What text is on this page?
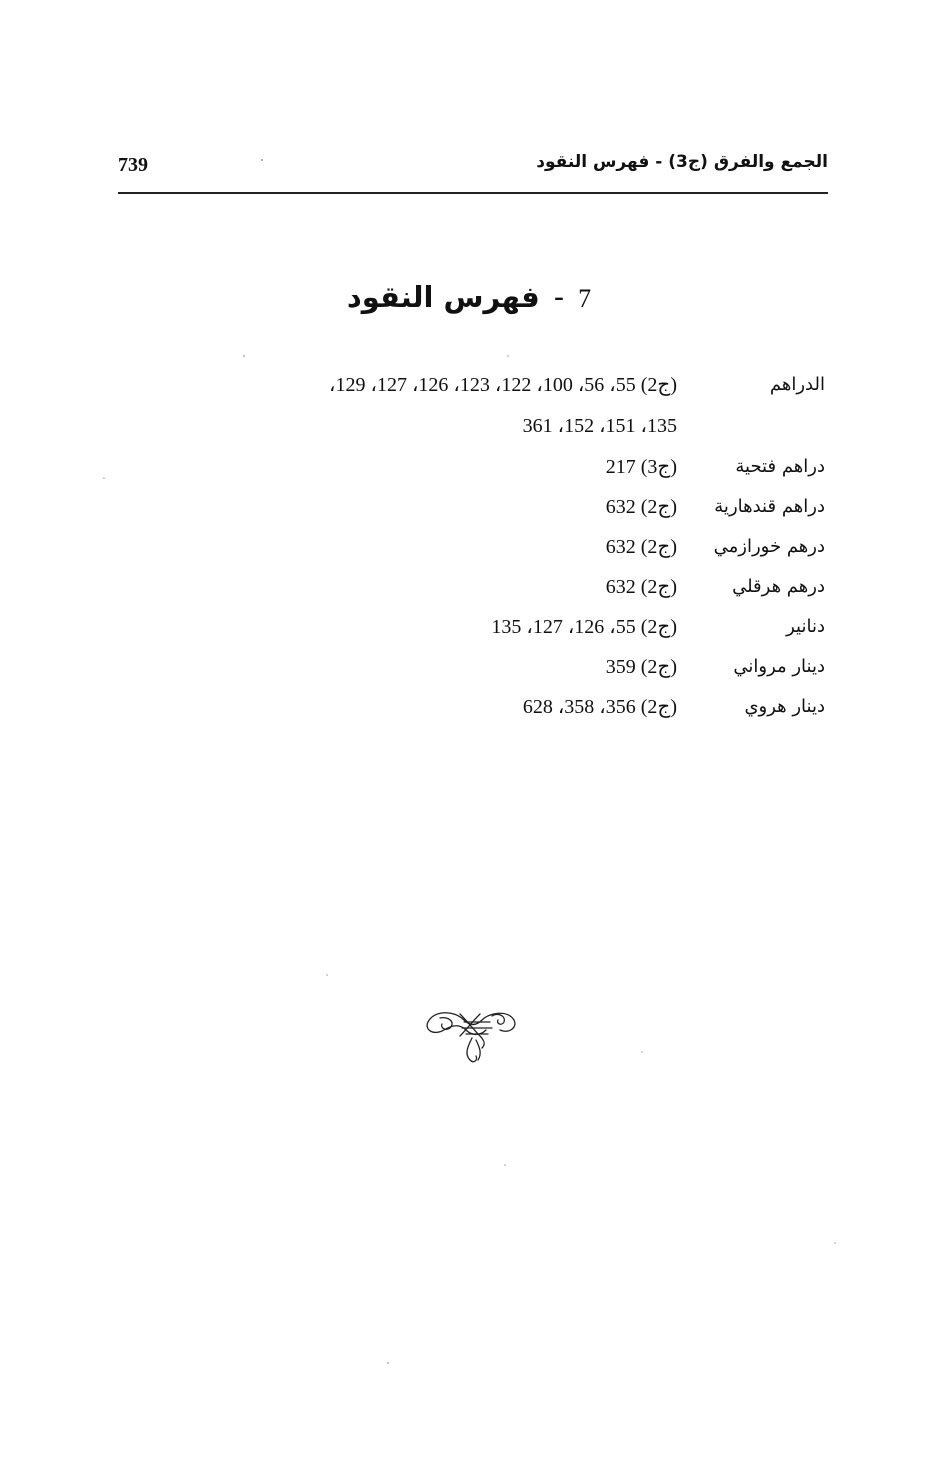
739	الجمع والفرق (ج3) - فهرس النقود
7-فهرس النقود
الدراهم
(ج2) 55، 56، 100، 122، 123، 126، 127، 129،
135، 151، 152، 361
دراهم فتحية
(ج3) 217
دراهم قندهارية
(ج2) 632
درهم خورازمي
(ج2) 632
درهم هرقلي
(ج2) 632
دنانير
(ج2) 55، 126، 127، 135
دينار مرواني
(ج2) 359
دينار هروي
(ج2) 356، 358، 628
